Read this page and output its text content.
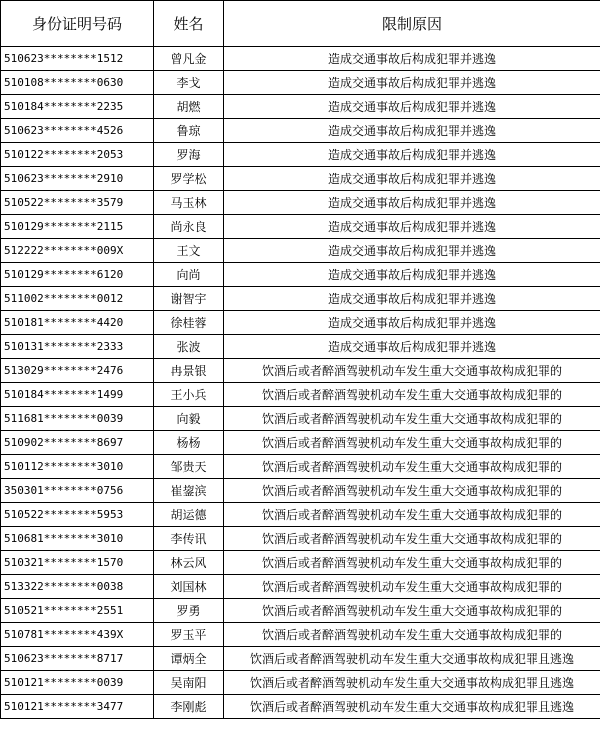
身份证明号码	姓名	限制原因
510623********1512	曾凡金	造成交通事故后构成犯罪并逃逸
510108********0630	李戈	造成交通事故后构成犯罪并逃逸
510184********2235	胡燃	造成交通事故后构成犯罪并逃逸
510623********4526	鲁琼	造成交通事故后构成犯罪并逃逸
510122********2053	罗海	造成交通事故后构成犯罪并逃逸
510623********2910	罗学松	造成交通事故后构成犯罪并逃逸
510522********3579	马玉林	造成交通事故后构成犯罪并逃逸
510129********2115	尚永良	造成交通事故后构成犯罪并逃逸
512222********009X	王文	造成交通事故后构成犯罪并逃逸
510129********6120	向尚	造成交通事故后构成犯罪并逃逸
511002********0012	谢智宇	造成交通事故后构成犯罪并逃逸
510181********4420	徐桂蓉	造成交通事故后构成犯罪并逃逸
510131********2333	张波	造成交通事故后构成犯罪并逃逸
513029********2476	冉景银	饮酒后或者醉酒驾驶机动车发生重大交通事故构成犯罪的
510184********1499	王小兵	饮酒后或者醉酒驾驶机动车发生重大交通事故构成犯罪的
511681********0039	向毅	饮酒后或者醉酒驾驶机动车发生重大交通事故构成犯罪的
510902********8697	杨杨	饮酒后或者醉酒驾驶机动车发生重大交通事故构成犯罪的
510112********3010	邹贵天	饮酒后或者醉酒驾驶机动车发生重大交通事故构成犯罪的
350301********0756	崔鋆滨	饮酒后或者醉酒驾驶机动车发生重大交通事故构成犯罪的
510522********5953	胡运德	饮酒后或者醉酒驾驶机动车发生重大交通事故构成犯罪的
510681********3010	李传讯	饮酒后或者醉酒驾驶机动车发生重大交通事故构成犯罪的
510321********1570	林云风	饮酒后或者醉酒驾驶机动车发生重大交通事故构成犯罪的
513322********0038	刘国林	饮酒后或者醉酒驾驶机动车发生重大交通事故构成犯罪的
510521********2551	罗勇	饮酒后或者醉酒驾驶机动车发生重大交通事故构成犯罪的
510781********439X	罗玉平	饮酒后或者醉酒驾驶机动车发生重大交通事故构成犯罪的
510623********8717	谭炳全	饮酒后或者醉酒驾驶机动车发生重大交通事故构成犯罪且逃逸
510121********0039	吴南阳	饮酒后或者醉酒驾驶机动车发生重大交通事故构成犯罪且逃逸
510121********3477	李刚彪	饮酒后或者醉酒驾驶机动车发生重大交通事故构成犯罪且逃逸
